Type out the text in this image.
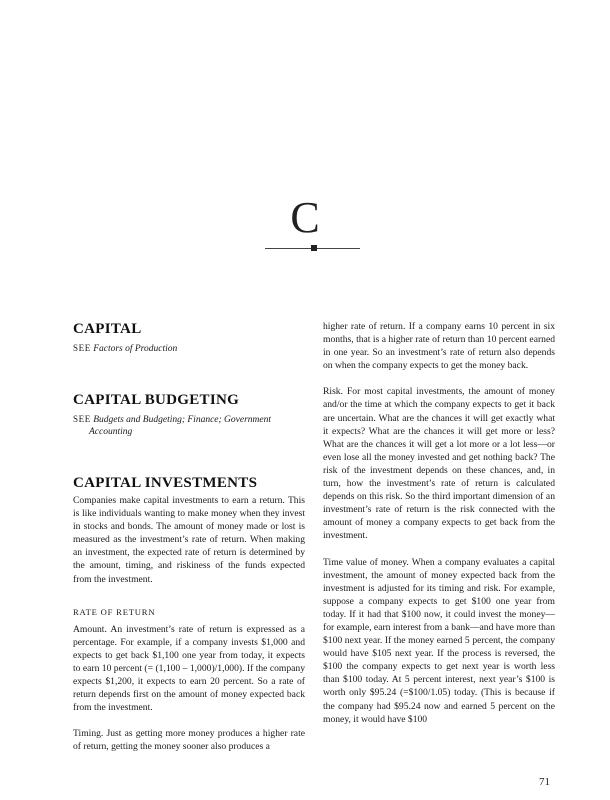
C
CAPITAL

SEE Factors of Production

CAPITAL BUDGETING

SEE Budgets and Budgeting; Finance; Government Accounting

CAPITAL INVESTMENTS

Companies make capital investments to earn a return. This is like individuals wanting to make money when they invest in stocks and bonds. The amount of money made or lost is measured as the investment’s rate of return. When making an investment, the expected rate of return is determined by the amount, timing, and riskiness of the funds expected from the investment.

RATE OF RETURN

Amount. An investment’s rate of return is expressed as a percentage. For example, if a company invests $1,000 and expects to get back $1,100 one year from today, it expects to earn 10 percent (= (1,100 – 1,000)/1,000). If the company expects $1,200, it expects to earn 20 percent. So a rate of return depends first on the amount of money expected back from the investment.

Timing. Just as getting more money produces a higher rate of return, getting the money sooner also produces a

higher rate of return. If a company earns 10 percent in six months, that is a higher rate of return than 10 percent earned in one year. So an investment’s rate of return also depends on when the company expects to get the money back.

Risk. For most capital investments, the amount of money and/or the time at which the company expects to get it back are uncertain. What are the chances it will get exactly what it expects? What are the chances it will get more or less? What are the chances it will get a lot more or a lot less—or even lose all the money invested and get nothing back? The risk of the investment depends on these chances, and, in turn, how the investment’s rate of return is calculated depends on this risk. So the third important dimension of an investment’s rate of return is the risk connected with the amount of money a company expects to get back from the investment.

Time value of money. When a company evaluates a capital investment, the amount of money expected back from the investment is adjusted for its timing and risk. For example, suppose a company expects to get $100 one year from today. If it had that $100 now, it could invest the money—for example, earn interest from a bank—and have more than $100 next year. If the money earned 5 percent, the company would have $105 next year. If the process is reversed, the $100 the company expects to get next year is worth less than $100 today. At 5 percent interest, next year’s $100 is worth only $95.24 (=$100/1.05) today. (This is because if the company had $95.24 now and earned 5 percent on the money, it would have $100

71
